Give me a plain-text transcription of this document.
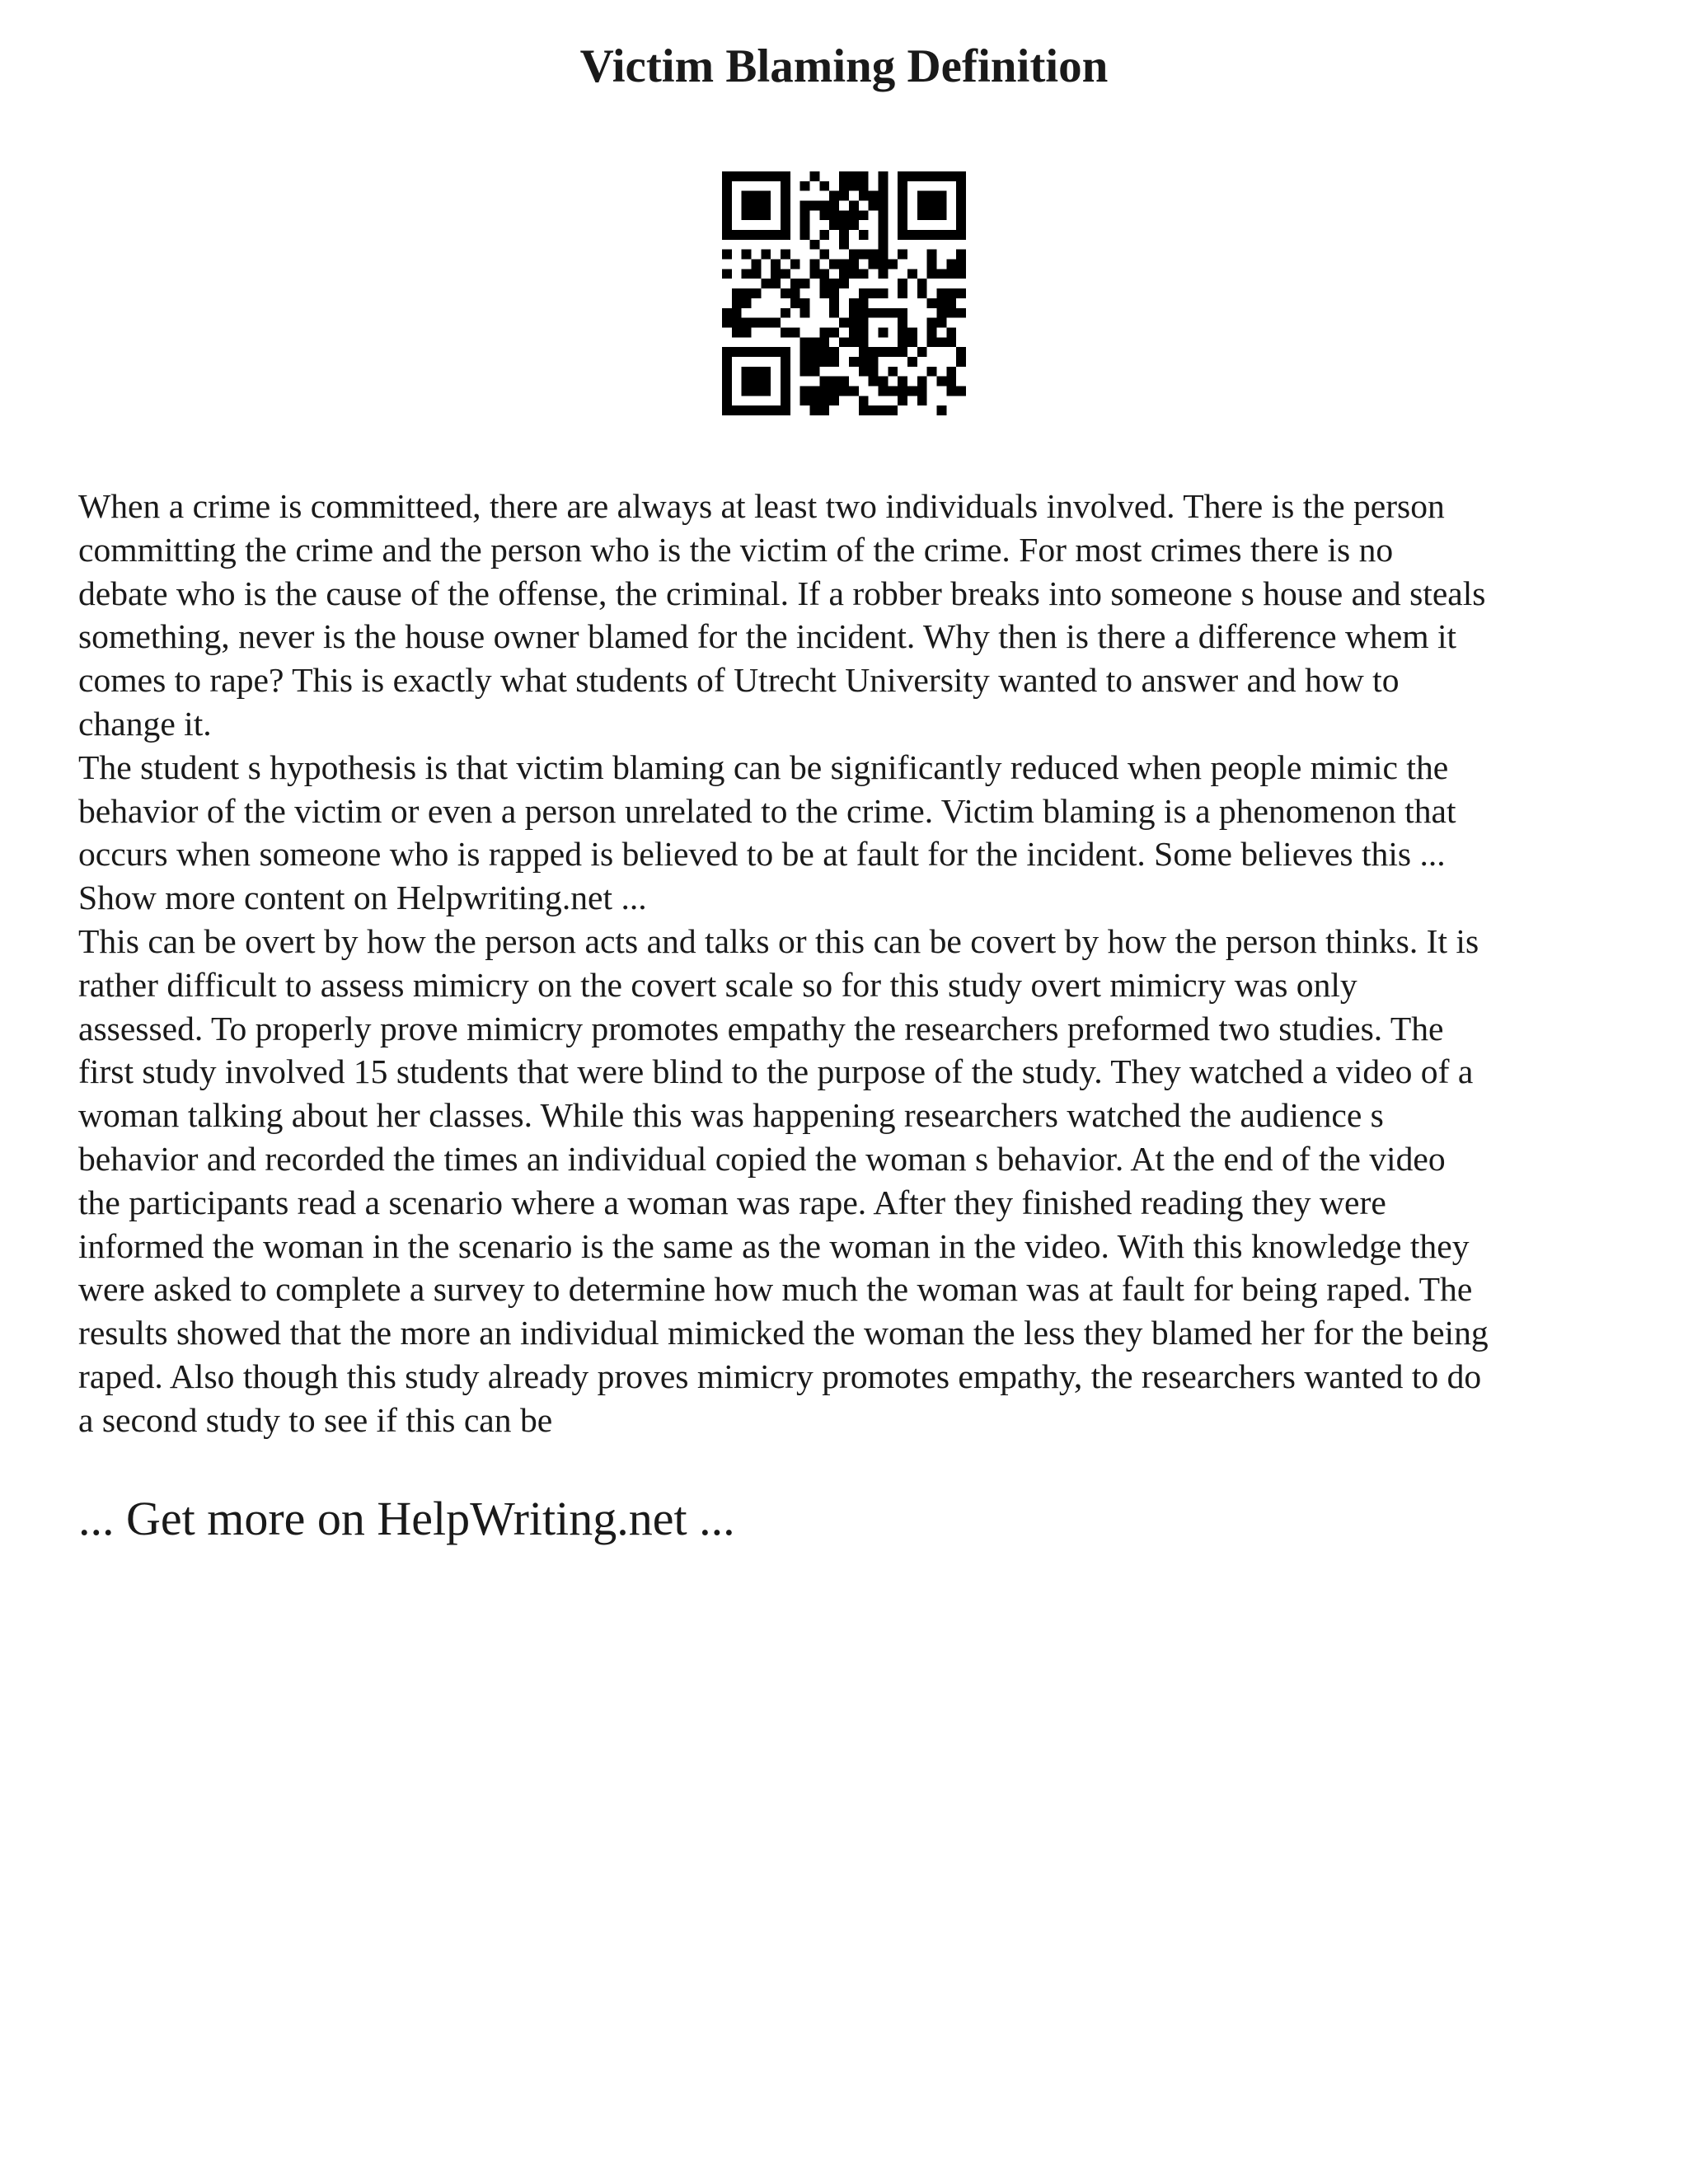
Victim Blaming Definition

When a crime is committeed, there are always at least two individuals involved. There is the person
committing the crime and the person who is the victim of the crime. For most crimes there is no
debate who is the cause of the offense, the criminal. If a robber breaks into someone s house and steals
something, never is the house owner blamed for the incident. Why then is there a difference whem it
comes to rape? This is exactly what students of Utrecht University wanted to answer and how to
change it.

The student s hypothesis is that victim blaming can be significantly reduced when people mimic the
behavior of the victim or even a person unrelated to the crime. Victim blaming is a phenomenon that
occurs when someone who is rapped is believed to be at fault for the incident. Some believes this ...

Show more content on Helpwriting.net ...

This can be overt by how the person acts and talks or this can be covert by how the person thinks. It is
rather difficult to assess mimicry on the covert scale so for this study overt mimicry was only
assessed. To properly prove mimicry promotes empathy the researchers preformed two studies. The
first study involved 15 students that were blind to the purpose of the study. They watched a video of a
woman talking about her classes. While this was happening researchers watched the audience s
behavior and recorded the times an individual copied the woman s behavior. At the end of the video
the participants read a scenario where a woman was rape. After they finished reading they were
informed the woman in the scenario is the same as the woman in the video. With this knowledge they
were asked to complete a survey to determine how much the woman was at fault for being raped. The
results showed that the more an individual mimicked the woman the less they blamed her for the being
raped. Also though this study already proves mimicry promotes empathy, the researchers wanted to do
a second study to see if this can be

... Get more on HelpWriting.net ...
